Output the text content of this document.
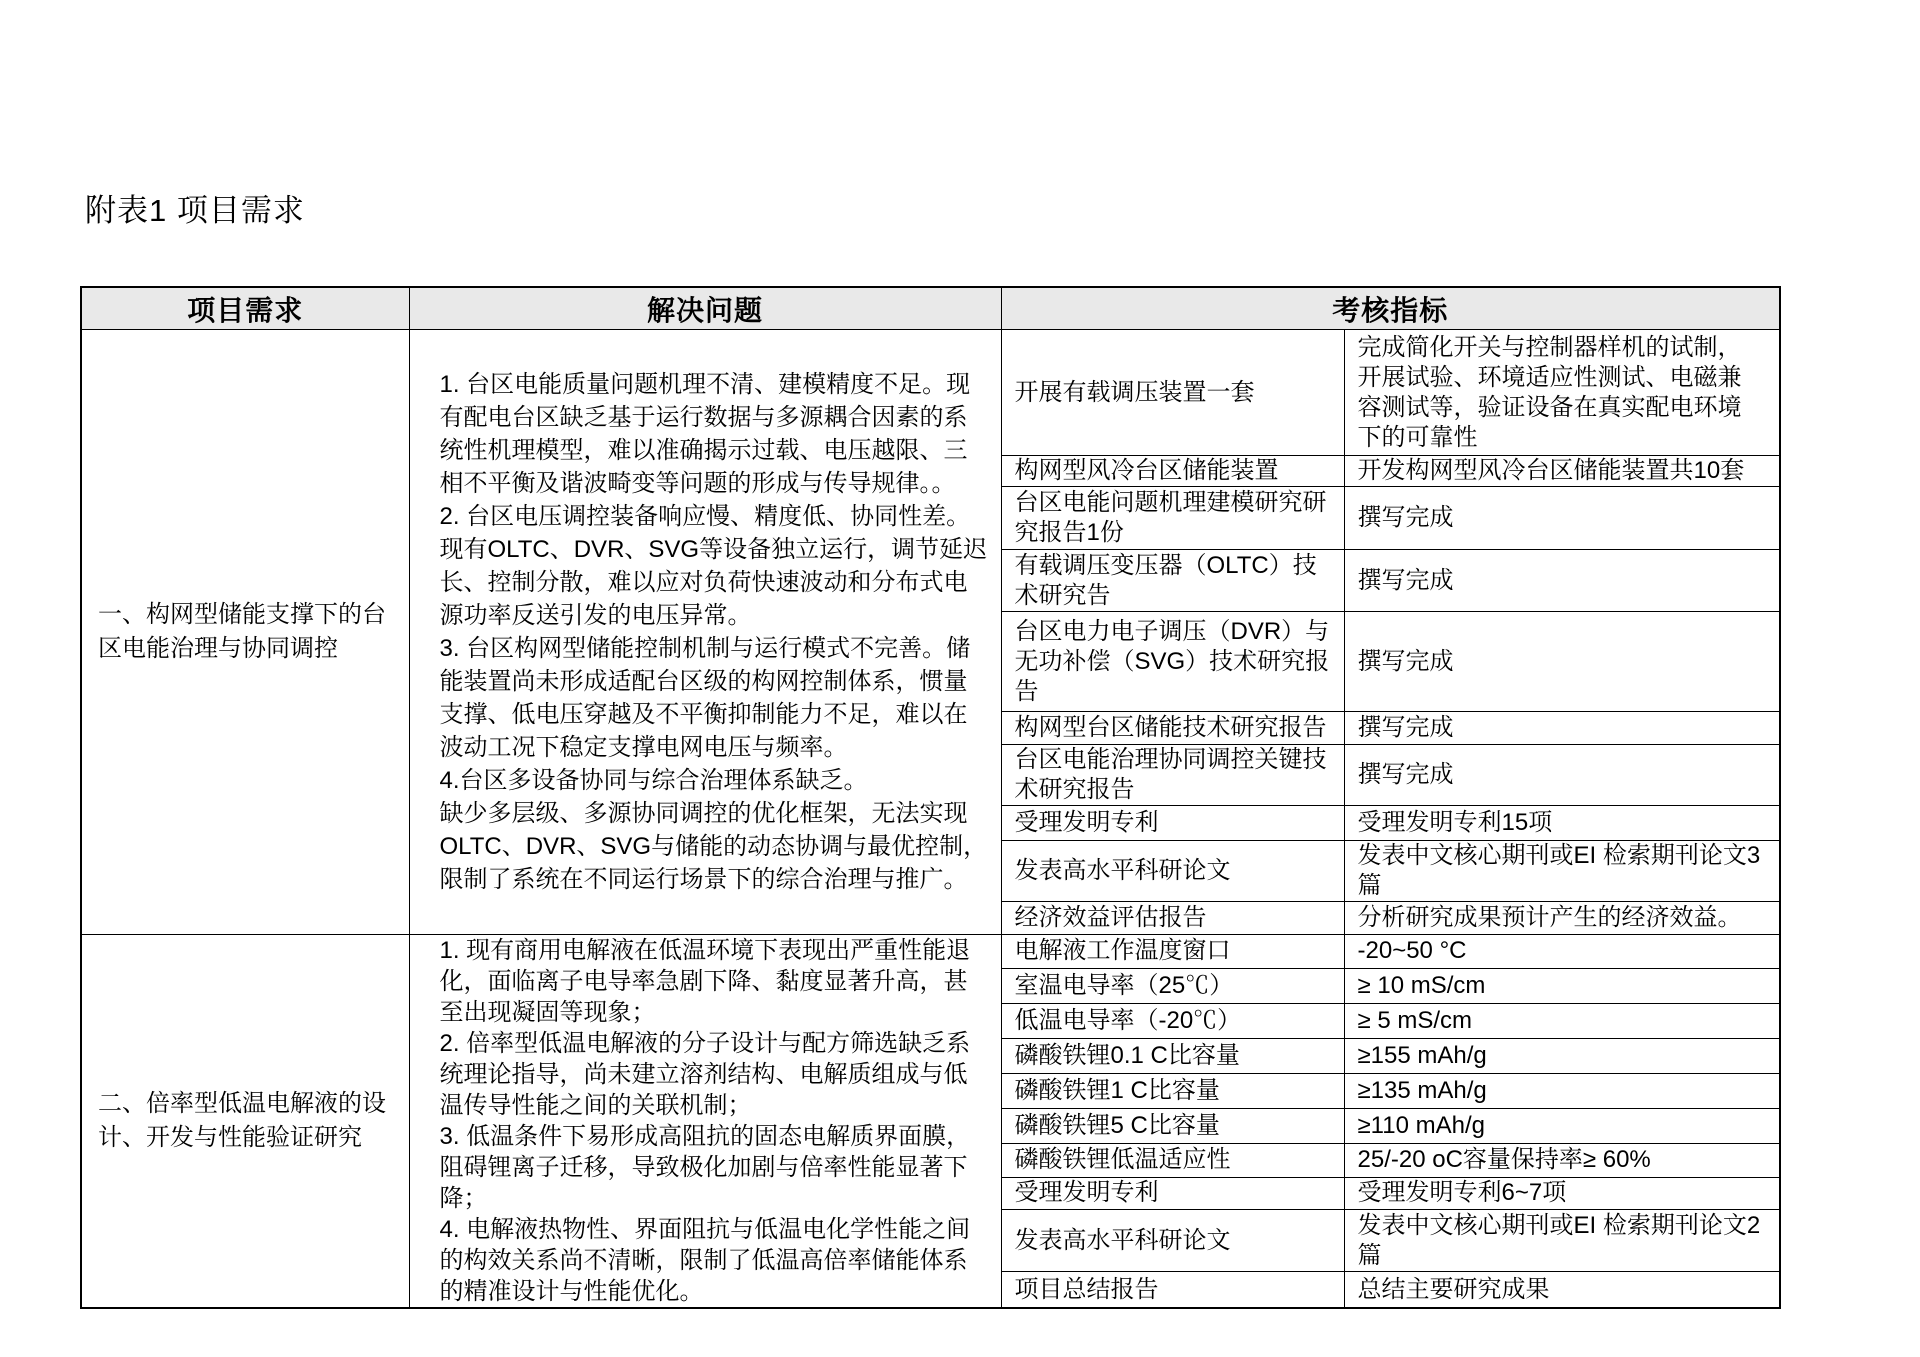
附表1 项目需求
项目需求	解决问题	考核指标	
一、构网型储能支撑下的台区电能治理与协同调控	1. 台区电能质量问题机理不清、建模精度不足。现有配电台区缺乏基于运行数据与多源耦合因素的系统性机理模型，难以准确揭示过载、电压越限、三相不平衡及谐波畸变等问题的形成与传导规律。。
2. 台区电压调控装备响应慢、精度低、协同性差。现有OLTC、DVR、SVG等设备独立运行，调节延迟长、控制分散，难以应对负荷快速波动和分布式电源功率反送引发的电压异常。
3. 台区构网型储能控制机制与运行模式不完善。储能装置尚未形成适配台区级的构网控制体系，惯量支撑、低电压穿越及不平衡抑制能力不足，难以在波动工况下稳定支撑电网电压与频率。
4.台区多设备协同与综合治理体系缺乏。
缺少多层级、多源协同调控的优化框架，无法实现OLTC、DVR、SVG与储能的动态协调与最优控制，限制了系统在不同运行场景下的综合治理与推广。	开展有载调压装置一套	完成简化开关与控制器样机的试制，开展试验、环境适应性测试、电磁兼容测试等，验证设备在真实配电环境下的可靠性
		构网型风冷台区储能装置	开发构网型风冷台区储能装置共10套
		台区电能问题机理建模研究研究报告1份	撰写完成
		有载调压变压器（OLTC）技术研究告	撰写完成
		台区电力电子调压（DVR）与无功补偿（SVG）技术研究报告	撰写完成
		构网型台区储能技术研究报告	撰写完成
		台区电能治理协同调控关键技术研究报告	撰写完成
		受理发明专利	受理发明专利15项
		发表高水平科研论文	发表中文核心期刊或EI 检索期刊论文3篇
		经济效益评估报告	分析研究成果预计产生的经济效益。
二、倍率型低温电解液的设计、开发与性能验证研究	1. 现有商用电解液在低温环境下表现出严重性能退化，面临离子电导率急剧下降、黏度显著升高，甚至出现凝固等现象；
2. 倍率型低温电解液的分子设计与配方筛选缺乏系统理论指导，尚未建立溶剂结构、电解质组成与低温传导性能之间的关联机制；
3. 低温条件下易形成高阻抗的固态电解质界面膜，阻碍锂离子迁移，导致极化加剧与倍率性能显著下降；
4. 电解液热物性、界面阻抗与低温电化学性能之间的构效关系尚不清晰，限制了低温高倍率储能体系的精准设计与性能优化。	电解液工作温度窗口	-20~50 °C
		室温电导率（25℃）	≥ 10 mS/cm
		低温电导率（-20℃）	≥ 5 mS/cm
		磷酸铁锂0.1 C比容量	≥155 mAh/g
		磷酸铁锂1 C比容量	≥135 mAh/g
		磷酸铁锂5 C比容量	≥110 mAh/g
		磷酸铁锂低温适应性	25/-20 oC容量保持率≥ 60%
		受理发明专利	受理发明专利6~7项
		发表高水平科研论文	发表中文核心期刊或EI 检索期刊论文2篇
		项目总结报告	总结主要研究成果
